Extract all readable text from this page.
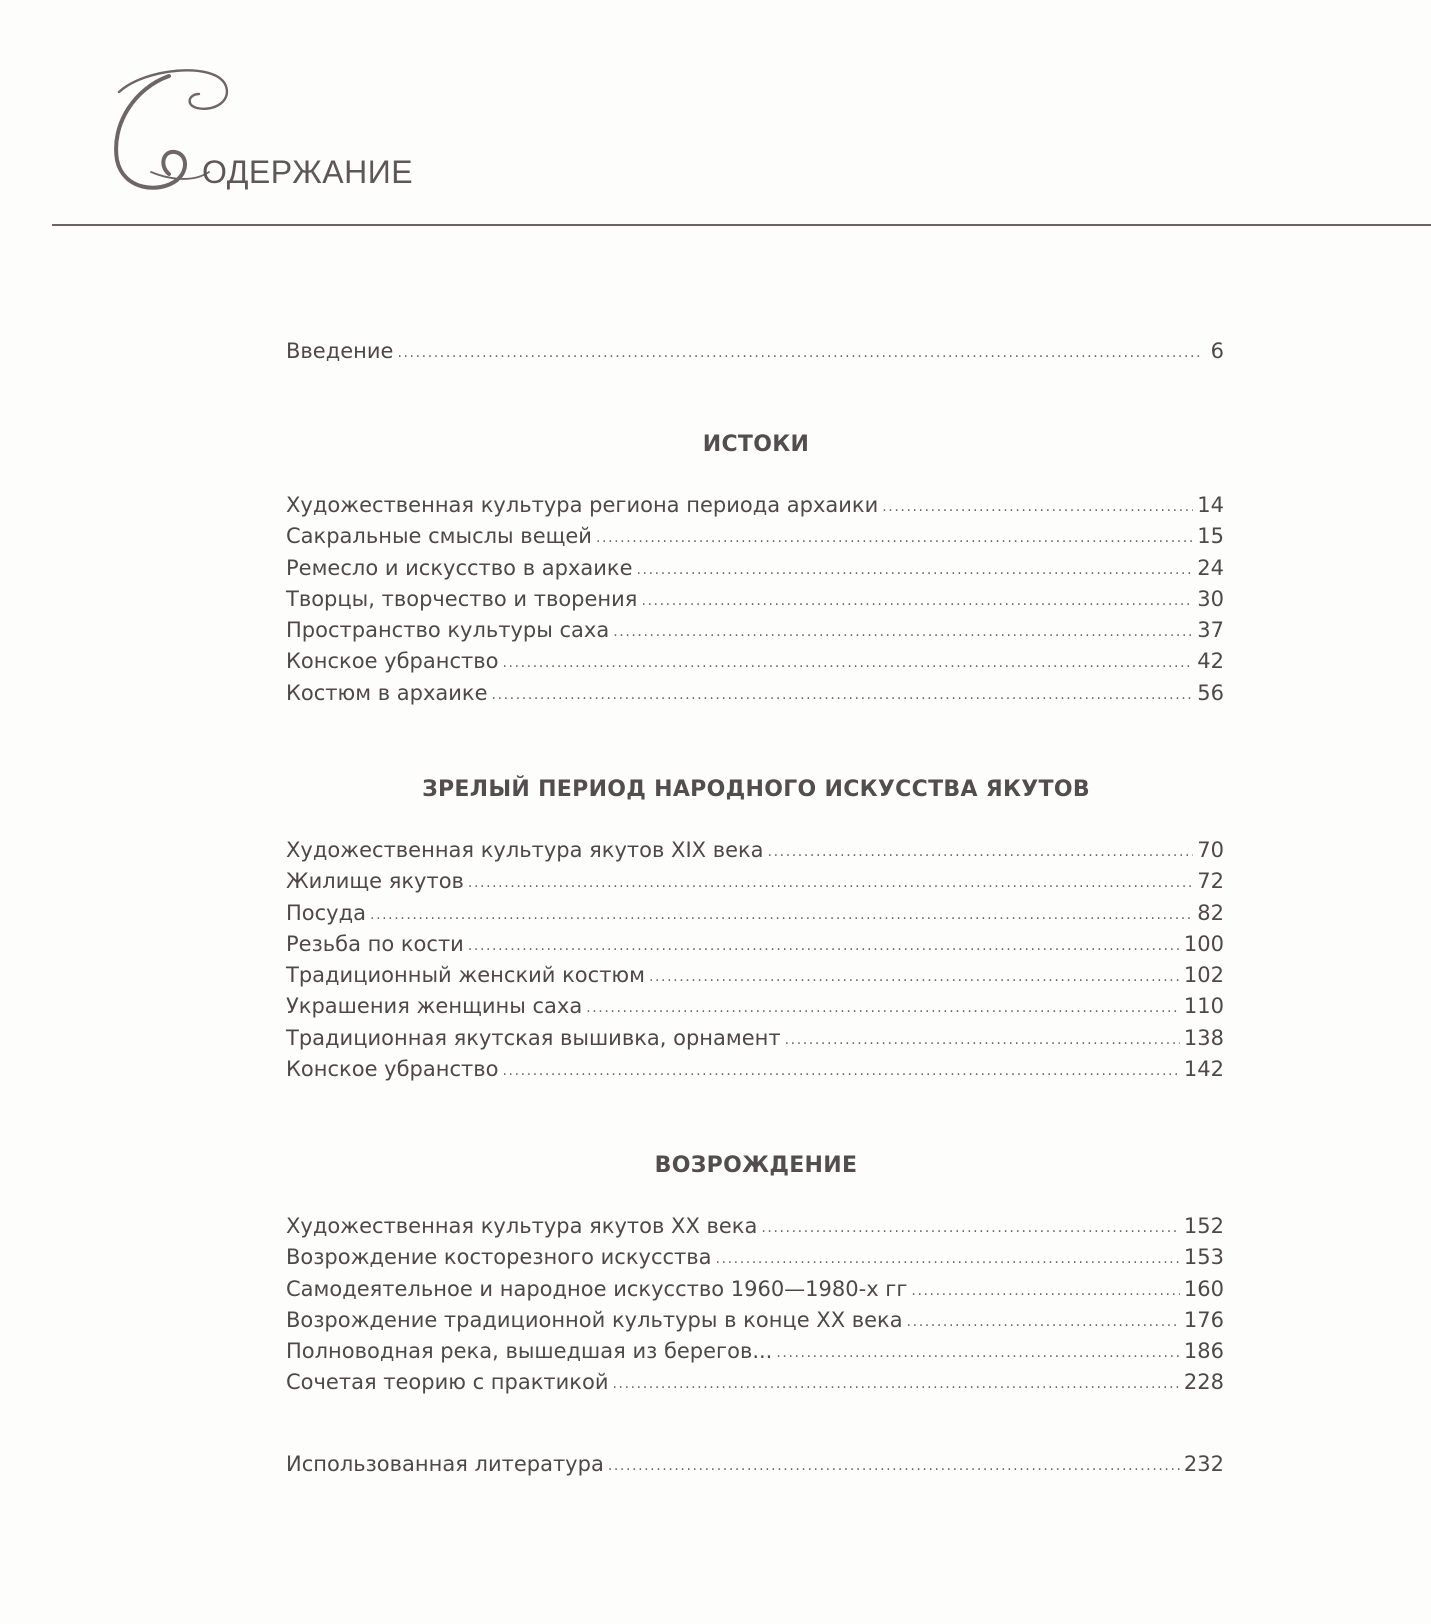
ОДЕРЖАНИЕ
Введение .....	6
ИСТОКИ
Художественная культура региона периода архаики .....	14
Сакральные смыслы вещей .....	15
Ремесло и искусство в архаике .....	24
Творцы, творчество и творения .....	30
Пространство культуры саха .....	37
Конское убранство .....	42
Костюм в архаике .....	56
ЗРЕЛЫЙ ПЕРИОД НАРОДНОГО ИСКУССТВА ЯКУТОВ
Художественная культура якутов XIX века .....	70
Жилище якутов .....	72
Посуда .....	82
Резьба по кости .....	100
Традиционный женский костюм .....	102
Украшения женщины саха .....	110
Традиционная якутская вышивка, орнамент .....	138
Конское убранство .....	142
ВОЗРОЖДЕНИЕ
Художественная культура якутов XX века .....	152
Возрождение косторезного искусства .....	153
Самодеятельное и народное искусство 1960—1980-х гг .....	160
Возрождение традиционной культуры в конце XX века .....	176
Полноводная река, вышедшая из берегов... .....	186
Сочетая теорию с практикой .....	228
Использованная литература .....	232
